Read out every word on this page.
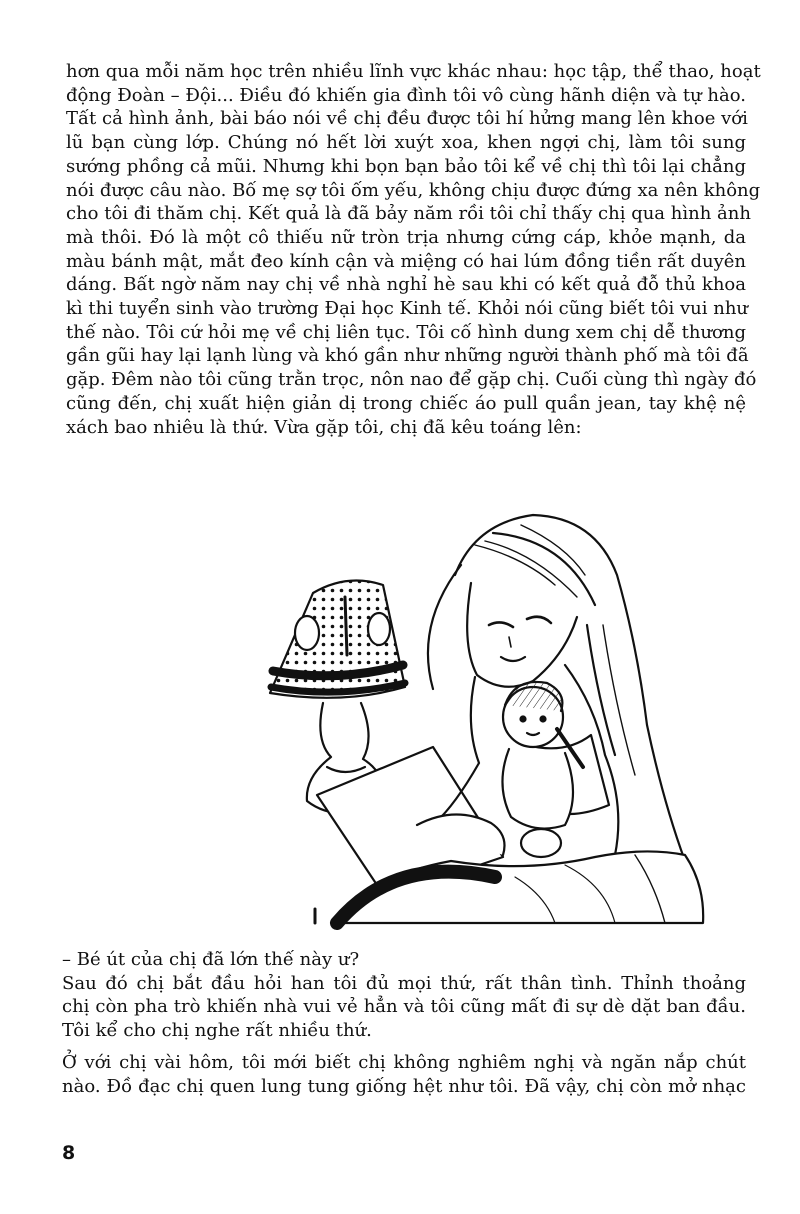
hơn qua mỗi năm học trên nhiều lĩnh vực khác nhau: học tập, thể thao, hoạt
động Đoàn – Đội... Điều đó khiến gia đình tôi vô cùng hãnh diện và tự hào.
Tất cả hình ảnh, bài báo nói về chị đều được tôi hí hửng mang lên khoe với
lũ bạn cùng lớp. Chúng nó hết lời xuýt xoa, khen ngợi chị, làm tôi sung
sướng phồng cả mũi. Nhưng khi bọn bạn bảo tôi kể về chị thì tôi lại chẳng
nói được câu nào. Bố mẹ sợ tôi ốm yếu, không chịu được đứng xa nên không
cho tôi đi thăm chị. Kết quả là đã bảy năm rồi tôi chỉ thấy chị qua hình ảnh
mà thôi. Đó là một cô thiếu nữ tròn trịa nhưng cứng cáp, khỏe mạnh, da
màu bánh mật, mắt đeo kính cận và miệng có hai lúm đồng tiền rất duyên
dáng. Bất ngờ năm nay chị về nhà nghỉ hè sau khi có kết quả đỗ thủ khoa
kì thi tuyển sinh vào trường Đại học Kinh tế. Khỏi nói cũng biết tôi vui như
thế nào. Tôi cứ hỏi mẹ về chị liên tục. Tôi cố hình dung xem chị dễ thương
gần gũi hay lại lạnh lùng và khó gần như những người thành phố mà tôi đã
gặp. Đêm nào tôi cũng trằn trọc, nôn nao để gặp chị. Cuối cùng thì ngày đó
cũng đến, chị xuất hiện giản dị trong chiếc áo pull quần jean, tay khệ nệ
xách bao nhiêu là thứ. Vừa gặp tôi, chị đã kêu toáng lên:

– Bé út của chị đã lớn thế này ư?

Sau đó chị bắt đầu hỏi han tôi đủ mọi thứ, rất thân tình. Thỉnh thoảng
chị còn pha trò khiến nhà vui vẻ hẳn và tôi cũng mất đi sự dè dặt ban đầu.
Tôi kể cho chị nghe rất nhiều thứ.

Ở với chị vài hôm, tôi mới biết chị không nghiêm nghị và ngăn nắp chút
nào. Đồ đạc chị quen lung tung giống hệt như tôi. Đã vậy, chị còn mở nhạc

8
